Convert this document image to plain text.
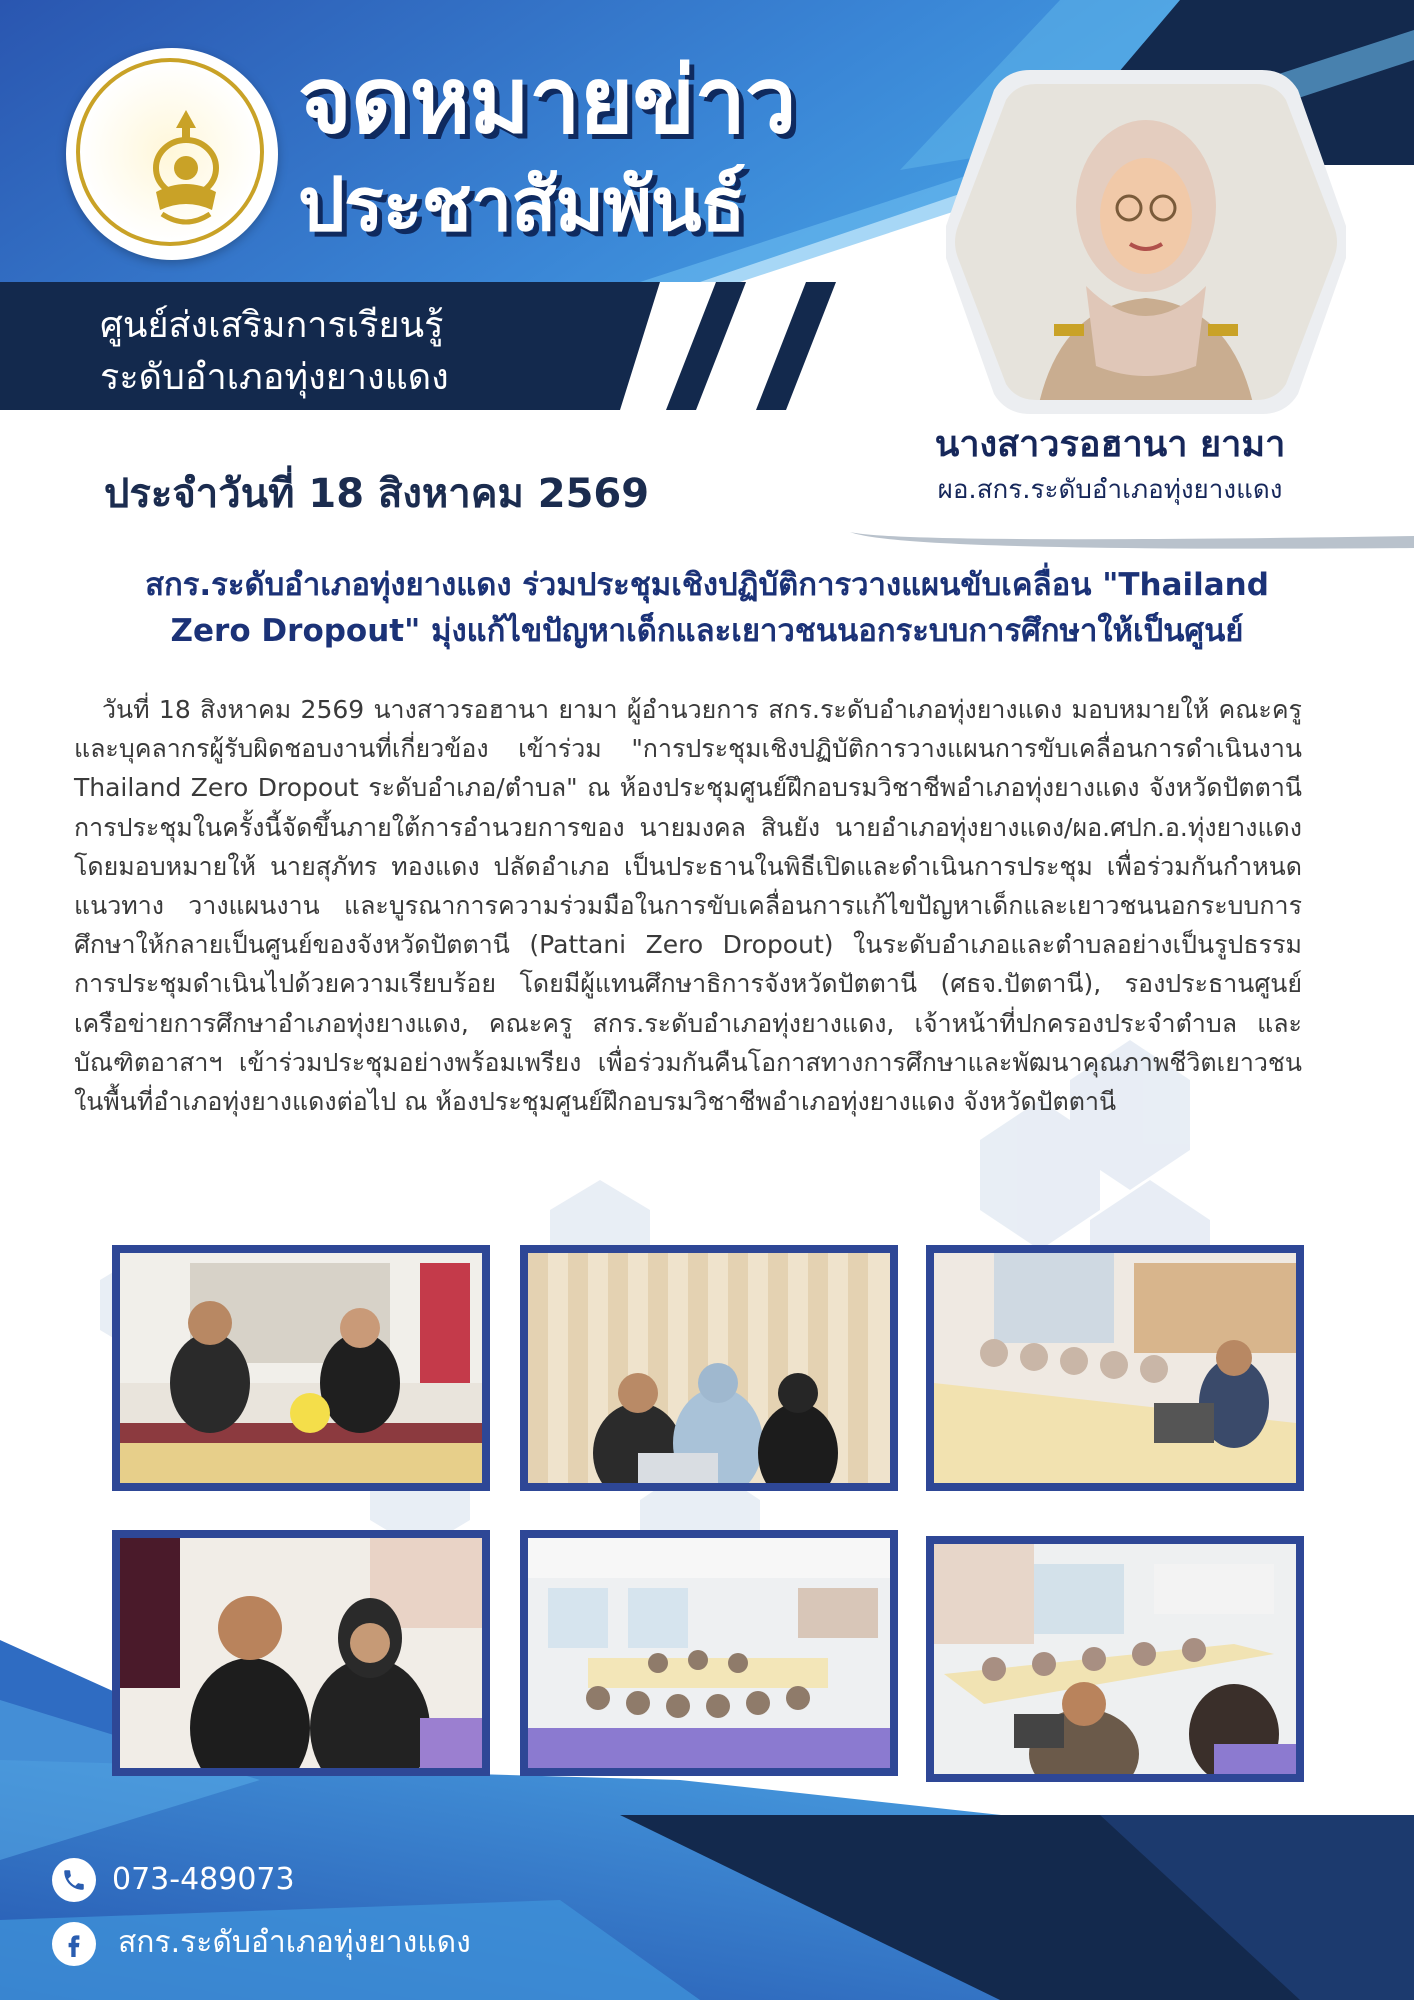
จดหมายข่าว
ประชาสัมพันธ์
ศูนย์ส่งเสริมการเรียนรู้
ระดับอำเภอทุ่งยางแดง
ประจำวันที่ 18 สิงหาคม 2569
นางสาวรอฮานา ยามา
ผอ.สกร.ระดับอำเภอทุ่งยางแดง
สกร.ระดับอำเภอทุ่งยางแดง ร่วมประชุมเชิงปฏิบัติการวางแผนขับเคลื่อน "Thailand
Zero Dropout" มุ่งแก้ไขปัญหาเด็กและเยาวชนนอกระบบการศึกษาให้เป็นศูนย์
วันที่ 18 สิงหาคม 2569 นางสาวรอฮานา ยามา ผู้อำนวยการ สกร.ระดับอำเภอทุ่งยางแดง มอบหมายให้ คณะครูและบุคลากรผู้รับผิดชอบงานที่เกี่ยวข้อง เข้าร่วม "การประชุมเชิงปฏิบัติการวางแผนการขับเคลื่อนการดำเนินงาน Thailand Zero Dropout ระดับอำเภอ/ตำบล" ณ ห้องประชุมศูนย์ฝึกอบรมวิชาชีพอำเภอทุ่งยางแดง จังหวัดปัตตานี การประชุมในครั้งนี้จัดขึ้นภายใต้การอำนวยการของ นายมงคล สินยัง นายอำเภอทุ่งยางแดง/ผอ.ศปก.อ.ทุ่งยางแดง โดยมอบหมายให้ นายสุภัทร ทองแดง ปลัดอำเภอ เป็นประธานในพิธีเปิดและดำเนินการประชุม เพื่อร่วมกันกำหนดแนวทาง วางแผนงาน และบูรณาการความร่วมมือในการขับเคลื่อนการแก้ไขปัญหาเด็กและเยาวชนนอกระบบการศึกษาให้กลายเป็นศูนย์ของจังหวัดปัตตานี (Pattani Zero Dropout) ในระดับอำเภอและตำบลอย่างเป็นรูปธรรม การประชุมดำเนินไปด้วยความเรียบร้อย โดยมีผู้แทนศึกษาธิการจังหวัดปัตตานี (ศธจ.ปัตตานี), รองประธานศูนย์เครือข่ายการศึกษาอำเภอทุ่งยางแดง, คณะครู สกร.ระดับอำเภอทุ่งยางแดง, เจ้าหน้าที่ปกครองประจำตำบล และบัณฑิตอาสาฯ เข้าร่วมประชุมอย่างพร้อมเพรียง เพื่อร่วมกันคืนโอกาสทางการศึกษาและพัฒนาคุณภาพชีวิตเยาวชนในพื้นที่อำเภอทุ่งยางแดงต่อไป ณ ห้องประชุมศูนย์ฝึกอบรมวิชาชีพอำเภอทุ่งยางแดง จังหวัดปัตตานี
073-489073
สกร.ระดับอำเภอทุ่งยางแดง
